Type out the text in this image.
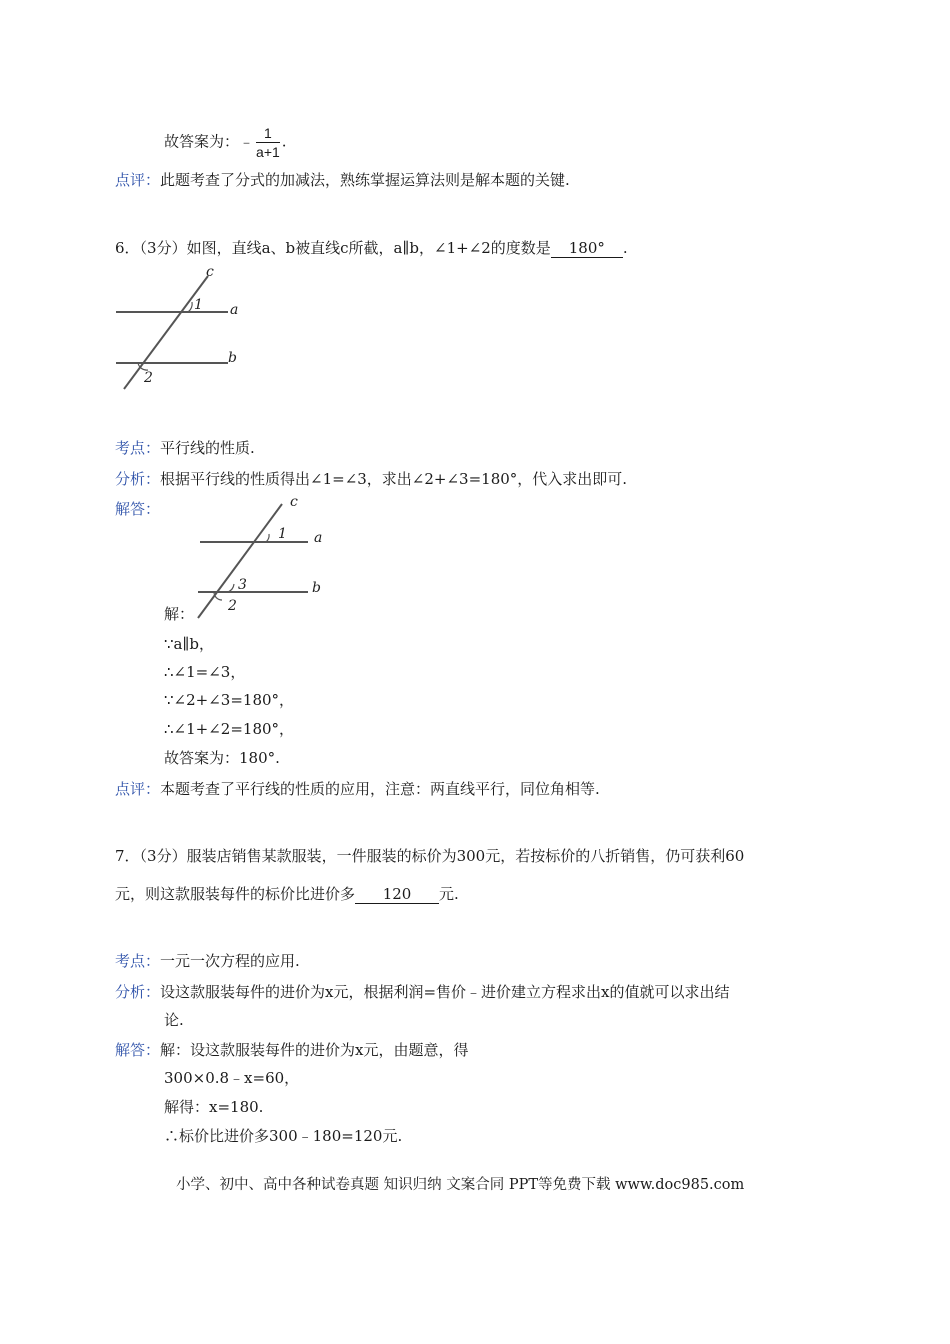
故答案为：﹣ $\frac{1}{a+1}$ .
点评：此题考查了分式的加减法，熟练掌握运算法则是解本题的关键.
6．（3分）如图，直线a、b被直线c所截，a∥b，∠1+∠2的度数是 180° .
c
1 a
b
2
考点：平行线的性质.
分析：根据平行线的性质得出∠1=∠3，求出∠2+∠3=180°，代入求出即可.
解答：	c
1 a
3	b
2
解：
∵a∥b，
∴∠1=∠3，
∵∠2+∠3=180°，
∴∠1+∠2=180°，
故答案为：180°.
点评：本题考查了平行线的性质的应用，注意：两直线平行，同位角相等.
7．（3分）服装店销售某款服装，一件服装的标价为300元，若按标价的八折销售，仍可获利60
元，则这款服装每件的标价比进价多 120 元.
考点：一元一次方程的应用.
分析：设这款服装每件的进价为x元，根据利润=售价﹣进价建立方程求出x的值就可以求出结
论.
解答：解：设这款服装每件的进价为x元，由题意，得
300×0.8﹣x=60，
解得：x=180.
∴标价比进价多300﹣180=120元.
小学、初中、高中各种试卷真题 知识归纳 文案合同 PPT等免费下载 www.doc985.com
